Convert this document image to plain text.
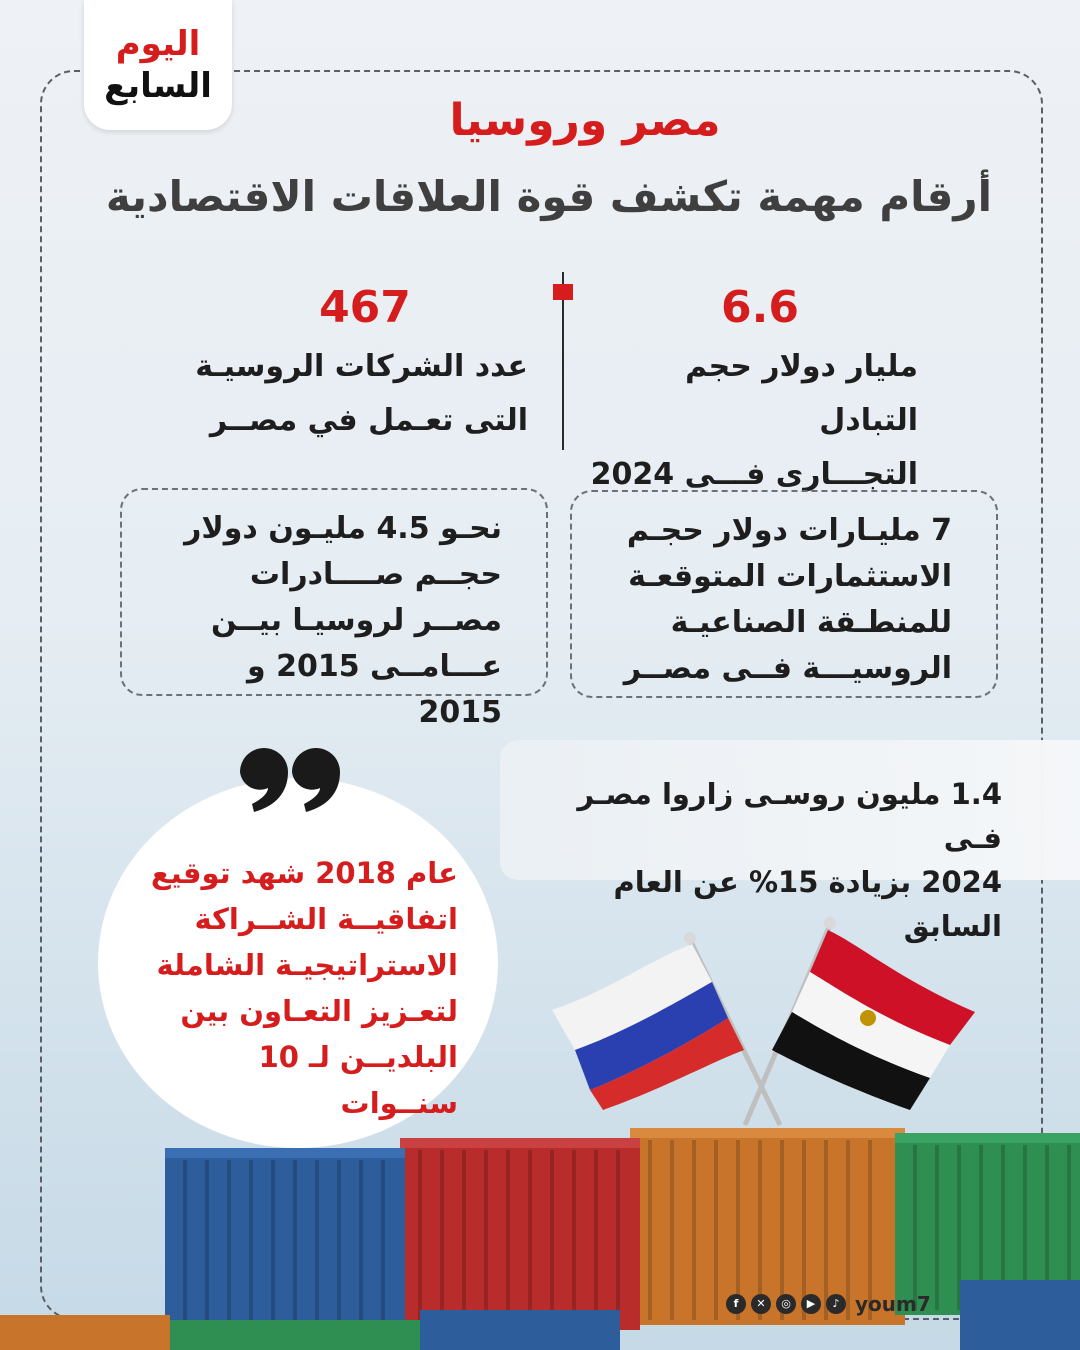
اليوم
السابع
مصر وروسيا
أرقام مهمة تكشف قوة العلاقات الاقتصادية
6.6
مليار دولار حجم التبادل
التجـــارى فـــى 2024
467
عدد الشركات الروسيـة
التى تعـمل في مصــر
7 مليـارات دولار حجـم
الاستثمارات المتوقعـة
للمنطـقة الصناعيـة
الروسيـــة فــى مصــر
نحـو 4.5 مليـون دولار
حجــم صــــادرات
مصــر لروسيـا بيــن
عـــامــى 2015 و 2015
1.4 مليون روسـى زاروا مصـر فـى
2024 بزيادة 15% عن العام السابق
عام 2018 شهد توقيع
اتفاقيــة الشــراكة
الاستراتيجيـة الشاملة
لتعـزيز التعـاون بين
البلديــن لـ 10 سنــوات
f	✕	◎	▶	♪ youm7
